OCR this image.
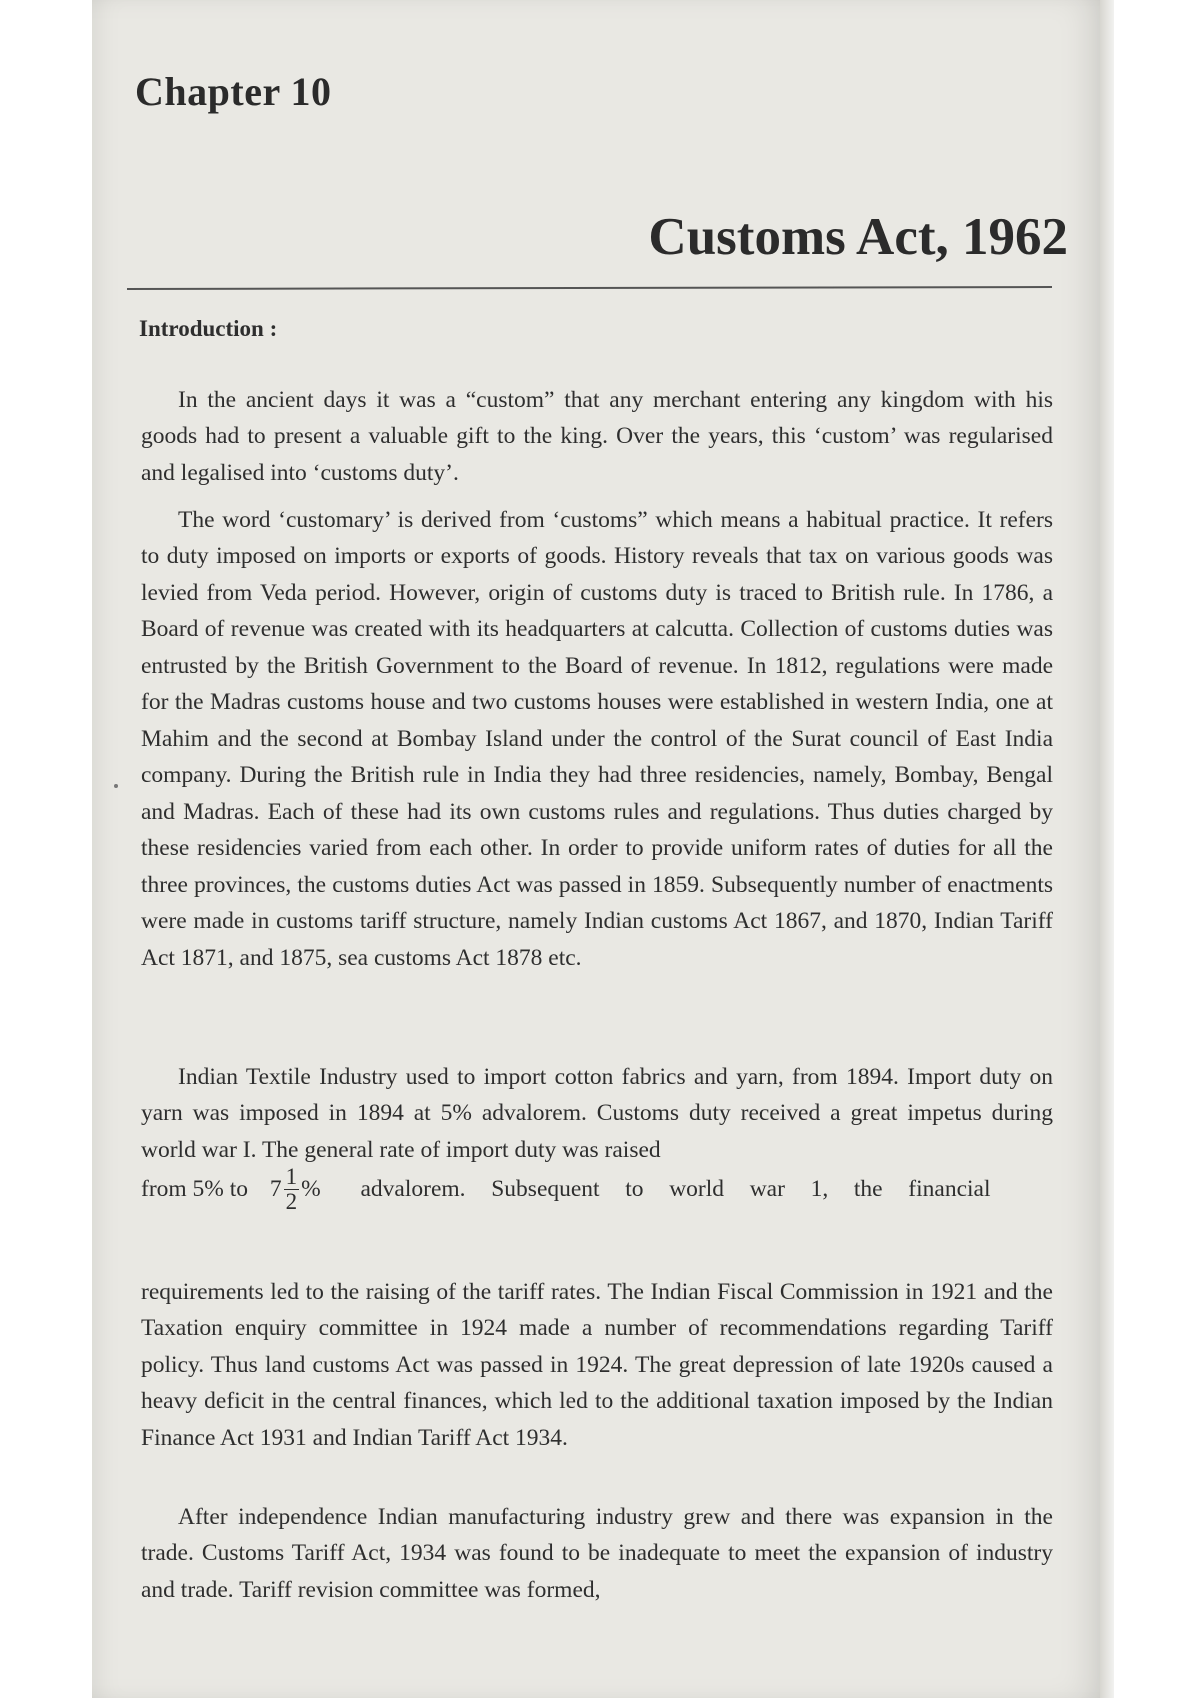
Chapter 10
Customs Act, 1962
Introduction :

In the ancient days it was a “custom” that any merchant entering any kingdom with his goods had to present a valuable gift to the king. Over the years, this ‘custom’ was regularised and legalised into ‘customs duty’.

The word ‘customary’ is derived from ‘customs” which means a habitual practice. It refers to duty imposed on imports or exports of goods. History reveals that tax on various goods was levied from Veda period. However, origin of customs duty is traced to British rule. In 1786, a Board of revenue was created with its headquarters at calcutta. Collection of customs duties was entrusted by the British Government to the Board of revenue. In 1812, regulations were made for the Madras customs house and two customs houses were established in western India, one at Mahim and the second at Bombay Island under the control of the Surat council of East India company. During the British rule in India they had three residencies, namely, Bombay, Bengal and Madras. Each of these had its own customs rules and regulations. Thus duties charged by these residencies varied from each other. In order to provide uniform rates of duties for all the three provinces, the customs duties Act was passed in 1859. Subsequently number of enactments were made in customs tariff structure, namely Indian customs Act 1867, and 1870, Indian Tariff Act 1871, and 1875, sea customs Act 1878 etc.

Indian Textile Industry used to import cotton fabrics and yarn, from 1894. Import duty on yarn was imposed in 1894 at 5% advalorem. Customs duty received a great impetus during world war I. The general rate of import duty was raised

from 5% to $7 \frac{1}{2}$ % advalorem. Subsequent to world war 1, the financial

requirements led to the raising of the tariff rates. The Indian Fiscal Commission in 1921 and the Taxation enquiry committee in 1924 made a number of recommendations regarding Tariff policy. Thus land customs Act was passed in 1924. The great depression of late 1920s caused a heavy deficit in the central finances, which led to the additional taxation imposed by the Indian Finance Act 1931 and Indian Tariff Act 1934.

After independence Indian manufacturing industry grew and there was expansion in the trade. Customs Tariff Act, 1934 was found to be inadequate to meet the expansion of industry and trade. Tariff revision committee was formed,
